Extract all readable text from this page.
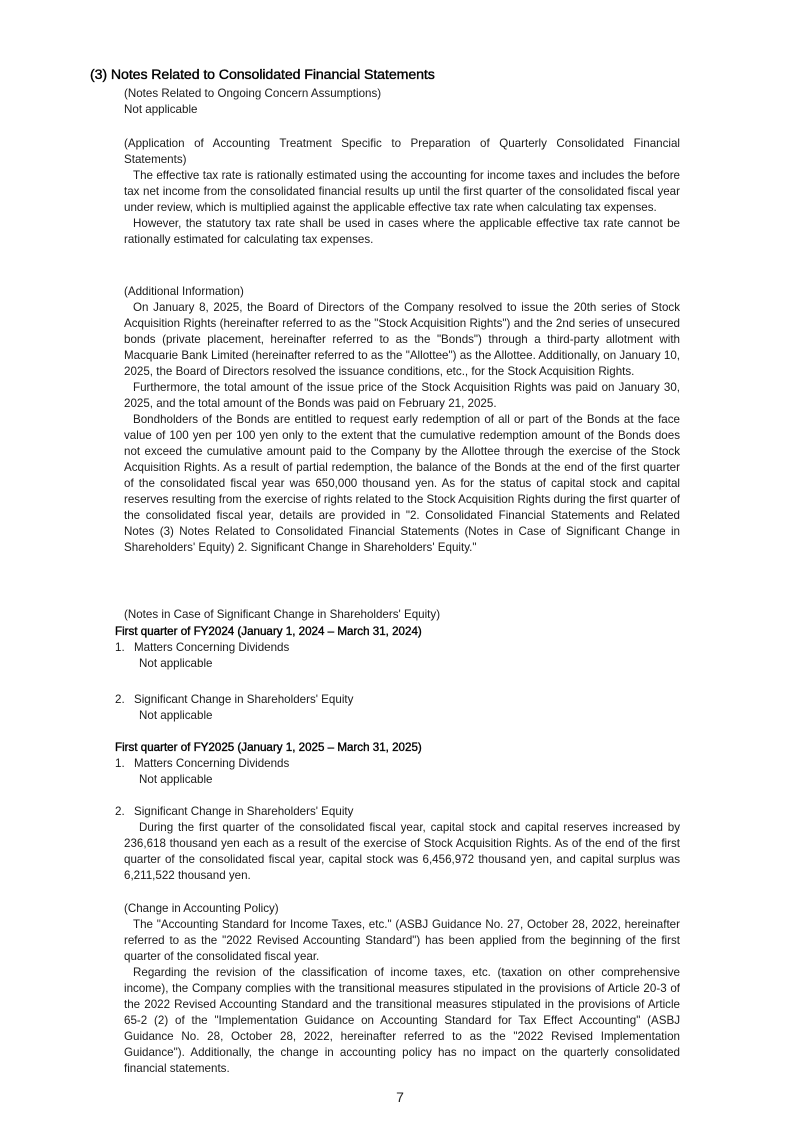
(3) Notes Related to Consolidated Financial Statements

(Notes Related to Ongoing Concern Assumptions)

Not applicable

(Application of Accounting Treatment Specific to Preparation of Quarterly Consolidated Financial Statements)

The effective tax rate is rationally estimated using the accounting for income taxes and includes the before tax net income from the consolidated financial results up until the first quarter of the consolidated fiscal year under review, which is multiplied against the applicable effective tax rate when calculating tax expenses.

However, the statutory tax rate shall be used in cases where the applicable effective tax rate cannot be rationally estimated for calculating tax expenses.

(Additional Information)

On January 8, 2025, the Board of Directors of the Company resolved to issue the 20th series of Stock Acquisition Rights (hereinafter referred to as the "Stock Acquisition Rights") and the 2nd series of unsecured bonds (private placement, hereinafter referred to as the "Bonds") through a third-party allotment with Macquarie Bank Limited (hereinafter referred to as the "Allottee") as the Allottee. Additionally, on January 10, 2025, the Board of Directors resolved the issuance conditions, etc., for the Stock Acquisition Rights.

Furthermore, the total amount of the issue price of the Stock Acquisition Rights was paid on January 30, 2025, and the total amount of the Bonds was paid on February 21, 2025.

Bondholders of the Bonds are entitled to request early redemption of all or part of the Bonds at the face value of 100 yen per 100 yen only to the extent that the cumulative redemption amount of the Bonds does not exceed the cumulative amount paid to the Company by the Allottee through the exercise of the Stock Acquisition Rights. As a result of partial redemption, the balance of the Bonds at the end of the first quarter of the consolidated fiscal year was 650,000 thousand yen. As for the status of capital stock and capital reserves resulting from the exercise of rights related to the Stock Acquisition Rights during the first quarter of the consolidated fiscal year, details are provided in "2. Consolidated Financial Statements and Related Notes (3) Notes Related to Consolidated Financial Statements (Notes in Case of Significant Change in Shareholders' Equity) 2. Significant Change in Shareholders' Equity."

(Notes in Case of Significant Change in Shareholders' Equity)
First quarter of FY2024 (January 1, 2024 – March 31, 2024)
1. Matters Concerning Dividends
Not applicable
2. Significant Change in Shareholders' Equity
Not applicable
First quarter of FY2025 (January 1, 2025 – March 31, 2025)
1. Matters Concerning Dividends
Not applicable
2. Significant Change in Shareholders' Equity

During the first quarter of the consolidated fiscal year, capital stock and capital reserves increased by 236,618 thousand yen each as a result of the exercise of Stock Acquisition Rights. As of the end of the first quarter of the consolidated fiscal year, capital stock was 6,456,972 thousand yen, and capital surplus was 6,211,522 thousand yen.

(Change in Accounting Policy)

The "Accounting Standard for Income Taxes, etc." (ASBJ Guidance No. 27, October 28, 2022, hereinafter referred to as the "2022 Revised Accounting Standard") has been applied from the beginning of the first quarter of the consolidated fiscal year.

Regarding the revision of the classification of income taxes, etc. (taxation on other comprehensive income), the Company complies with the transitional measures stipulated in the provisions of Article 20-3 of the 2022 Revised Accounting Standard and the transitional measures stipulated in the provisions of Article 65-2 (2) of the "Implementation Guidance on Accounting Standard for Tax Effect Accounting" (ASBJ Guidance No. 28, October 28, 2022, hereinafter referred to as the "2022 Revised Implementation Guidance"). Additionally, the change in accounting policy has no impact on the quarterly consolidated financial statements.

7
